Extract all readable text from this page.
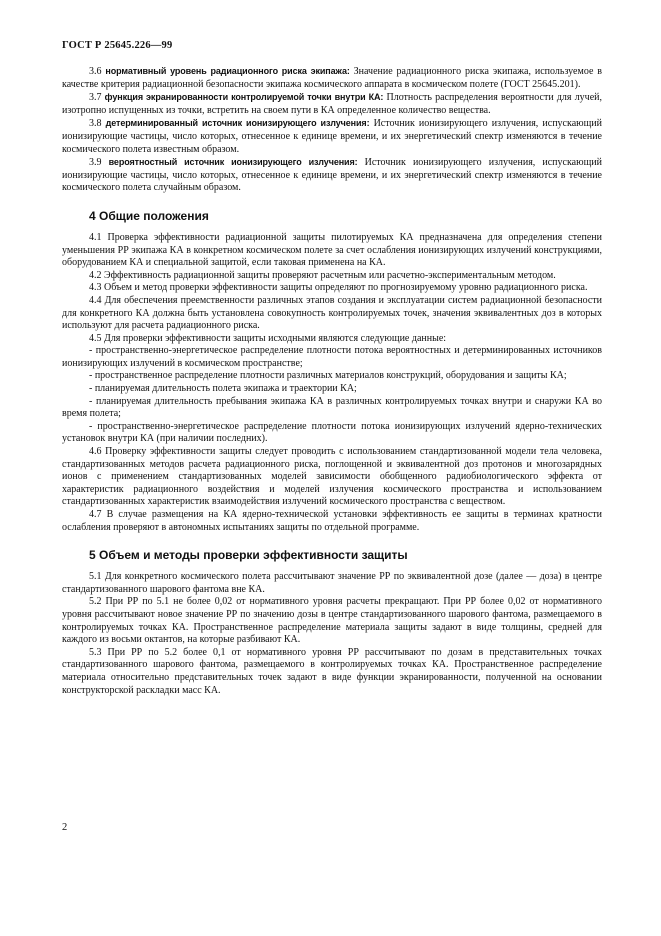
ГОСТ Р 25645.226—99

3.6 нормативный уровень радиационного риска экипажа: Значение радиационного риска экипажа, используемое в качестве критерия радиационной безопасности экипажа космического аппарата в космическом полете (ГОСТ 25645.201).

3.7 функция экранированности контролируемой точки внутри КА: Плотность распределения вероятности для лучей, изотропно испущенных из точки, встретить на своем пути в КА определенное количество вещества.

3.8 детерминированный источник ионизирующего излучения: Источник ионизирующего излучения, испускающий ионизирующие частицы, число которых, отнесенное к единице времени, и их энергетический спектр изменяются в течение космического полета известным образом.

3.9 вероятностный источник ионизирующего излучения: Источник ионизирующего излучения, испускающий ионизирующие частицы, число которых, отнесенное к единице времени, и их энергетический спектр изменяются в течение космического полета случайным образом.

4 Общие положения

4.1 Проверка эффективности радиационной защиты пилотируемых КА предназначена для определения степени уменьшения РР экипажа КА в конкретном космическом полете за счет ослабления ионизирующих излучений конструкциями, оборудованием КА и специальной защитой, если таковая применена на КА.

4.2 Эффективность радиационной защиты проверяют расчетным или расчетно-экспериментальным методом.

4.3 Объем и метод проверки эффективности защиты определяют по прогнозируемому уровню радиационного риска.

4.4 Для обеспечения преемственности различных этапов создания и эксплуатации систем радиационной безопасности для конкретного КА должна быть установлена совокупность контролируемых точек, значения эквивалентных доз в которых используют для расчета радиационного риска.

4.5 Для проверки эффективности защиты исходными являются следующие данные:

- пространственно-энергетическое распределение плотности потока вероятностных и детерминированных источников ионизирующих излучений в космическом пространстве;

- пространственное распределение плотности различных материалов конструкций, оборудования и защиты КА;

- планируемая длительность полета экипажа и траектории КА;

- планируемая длительность пребывания экипажа КА в различных контролируемых точках внутри и снаружи КА во время полета;

- пространственно-энергетическое распределение плотности потока ионизирующих излучений ядерно-технических установок внутри КА (при наличии последних).

4.6 Проверку эффективности защиты следует проводить с использованием стандартизованной модели тела человека, стандартизованных методов расчета радиационного риска, поглощенной и эквивалентной доз протонов и многозарядных ионов с применением стандартизованных моделей зависимости обобщенного радиобиологического эффекта от характеристик радиационного воздействия и моделей излучения космического пространства и использованием стандартизованных характеристик взаимодействия излучений космического пространства с веществом.

4.7 В случае размещения на КА ядерно-технической установки эффективность ее защиты в терминах кратности ослабления проверяют в автономных испытаниях защиты по отдельной программе.

5 Объем и методы проверки эффективности защиты

5.1 Для конкретного космического полета рассчитывают значение РР по эквивалентной дозе (далее — доза) в центре стандартизованного шарового фантома вне КА.

5.2 При РР по 5.1 не более 0,02 от нормативного уровня расчеты прекращают. При РР более 0,02 от нормативного уровня рассчитывают новое значение РР по значению дозы в центре стандартизованного шарового фантома, размещаемого в контролируемых точках КА. Пространственное распределение материала защиты задают в виде толщины, средней для каждого из восьми октантов, на которые разбивают КА.

5.3 При РР по 5.2 более 0,1 от нормативного уровня РР рассчитывают по дозам в представительных точках стандартизованного шарового фантома, размещаемого в контролируемых точках КА. Пространственное распределение материала относительно представительных точек задают в виде функции экранированности, полученной на основании конструкторской раскладки масс КА.

2
